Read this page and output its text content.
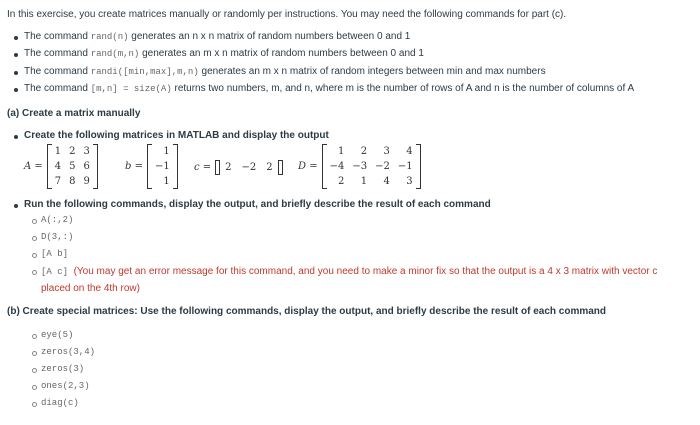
In this exercise, you create matrices manually or randomly per instructions. You may need the following commands for part (c).
The command rand(n) generates an n x n matrix of random numbers between 0 and 1
The command rand(m,n) generates an m x n matrix of random numbers between 0 and 1
The command randi([min,max],m,n) generates an m x n matrix of random integers between min and max numbers
The command [m,n] = size(A) returns two numbers, m, and n, where m is the number of rows of A and n is the number of columns of A
(a) Create a matrix manually
Create the following matrices in MATLAB and display the output
A =
1	2	3
4	5	6
7	8	9
b =
1
−1
1
c = 2	−2	2	D =
1	2	3	4
−4	−3	−2	−1
2	1	4	3
Run the following commands, display the output, and briefly describe the result of each command
A(:,2)
D(3,:)
[A b]
[A c] (You may get an error message for this command, and you need to make a minor fix so that the output is a 4 x 3 matrix with vector c
placed on the 4th row)
(b) Create special matrices: Use the following commands, display the output, and briefly describe the result of each command
eye(5)
zeros(3,4)
zeros(3)
ones(2,3)
diag(c)
